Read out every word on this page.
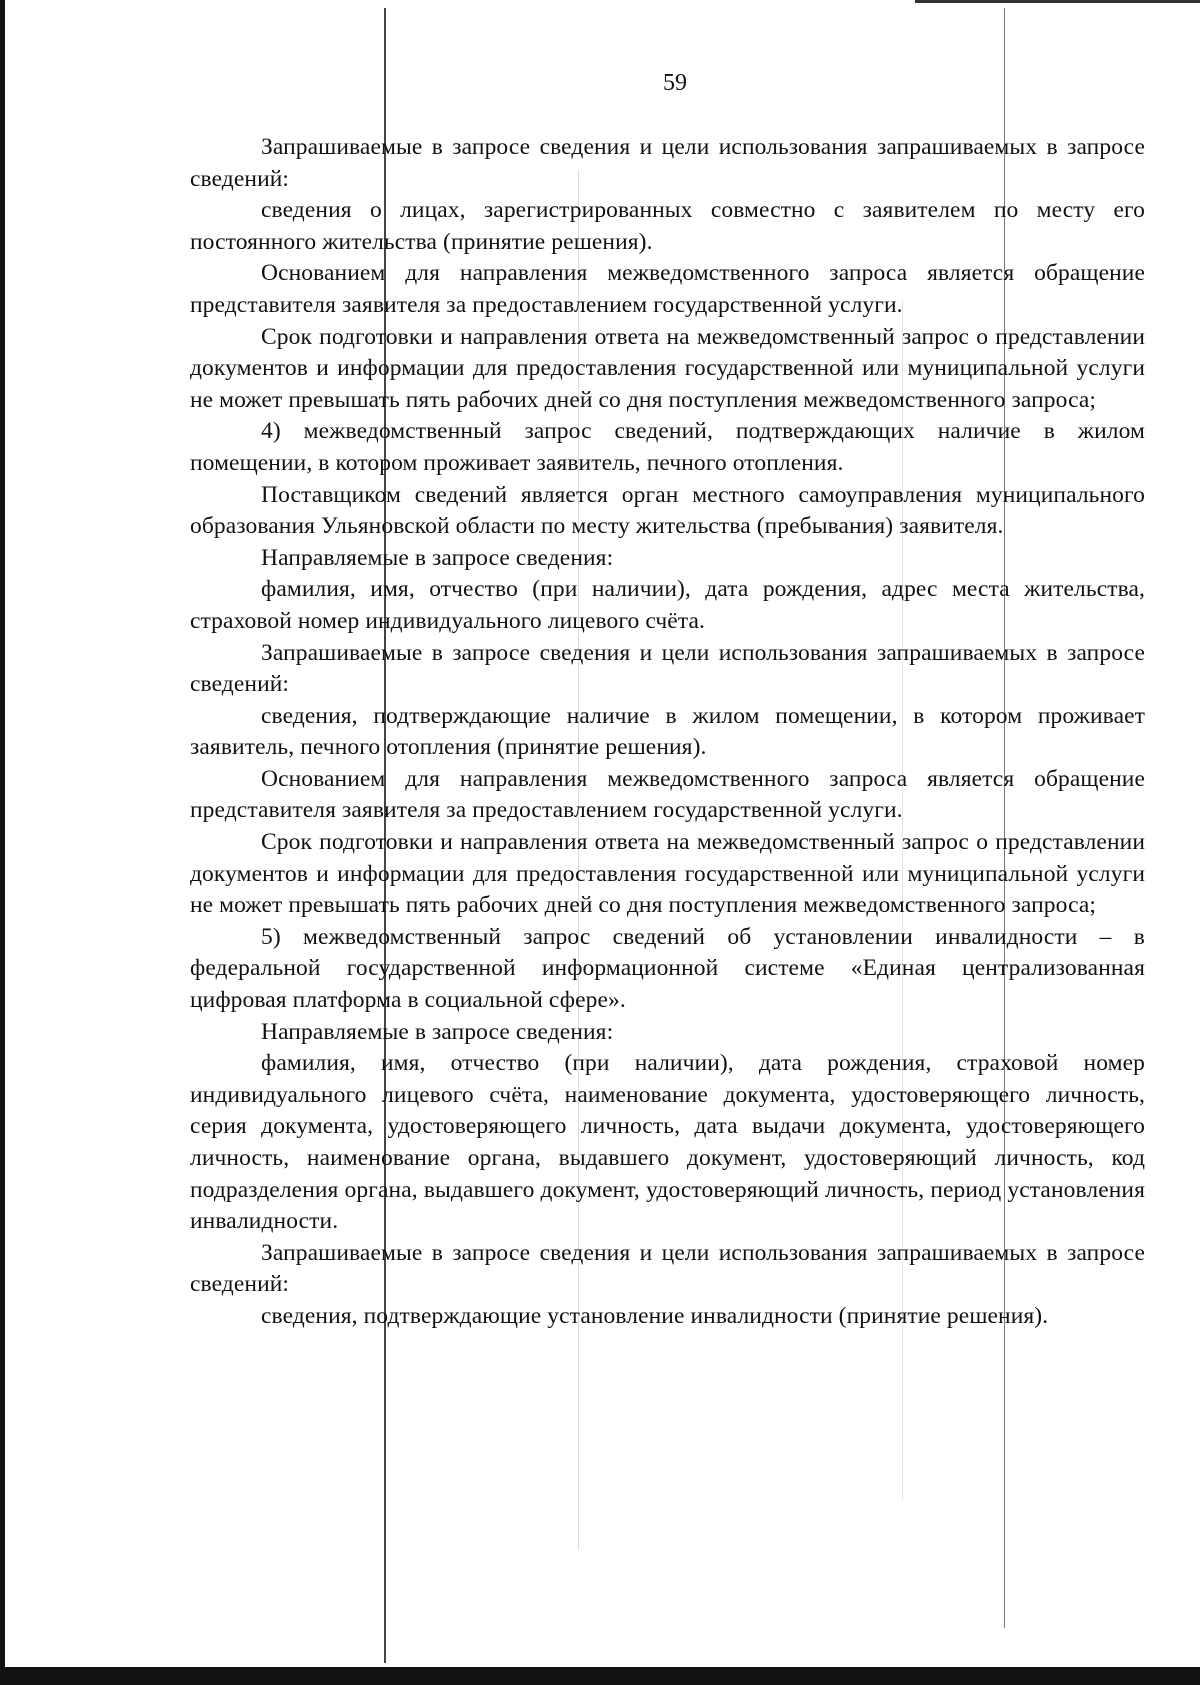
59

Запрашиваемые в запросе сведения и цели использования запрашиваемых в запросе сведений:

сведения о лицах, зарегистрированных совместно с заявителем по месту его постоянного жительства (принятие решения).

Основанием для направления межведомственного запроса является обращение представителя заявителя за предоставлением государственной услуги.

Срок подготовки и направления ответа на межведомственный запрос о представлении документов и информации для предоставления государственной или муниципальной услуги не может превышать пять рабочих дней со дня поступления межведомственного запроса;

4) межведомственный запрос сведений, подтверждающих наличие в жилом помещении, в котором проживает заявитель, печного отопления.

Поставщиком сведений является орган местного самоуправления муниципального образования Ульяновской области по месту жительства (пребывания) заявителя.

Направляемые в запросе сведения:

фамилия, имя, отчество (при наличии), дата рождения, адрес места жительства, страховой номер индивидуального лицевого счёта.

Запрашиваемые в запросе сведения и цели использования запрашиваемых в запросе сведений:

сведения, подтверждающие наличие в жилом помещении, в котором проживает заявитель, печного отопления (принятие решения).

Основанием для направления межведомственного запроса является обращение представителя заявителя за предоставлением государственной услуги.

Срок подготовки и направления ответа на межведомственный запрос о представлении документов и информации для предоставления государственной или муниципальной услуги не может превышать пять рабочих дней со дня поступления межведомственного запроса;

5) межведомственный запрос сведений об установлении инвалидности – в федеральной государственной информационной системе «Единая централизованная цифровая платформа в социальной сфере».

Направляемые в запросе сведения:

фамилия, имя, отчество (при наличии), дата рождения, страховой номер индивидуального лицевого счёта, наименование документа, удостоверяющего личность, серия документа, удостоверяющего личность, дата выдачи документа, удостоверяющего личность, наименование органа, выдавшего документ, удостоверяющий личность, код подразделения органа, выдавшего документ, удостоверяющий личность, период установления инвалидности.

Запрашиваемые в запросе сведения и цели использования запрашиваемых в запросе сведений:

сведения, подтверждающие установление инвалидности (принятие решения).
